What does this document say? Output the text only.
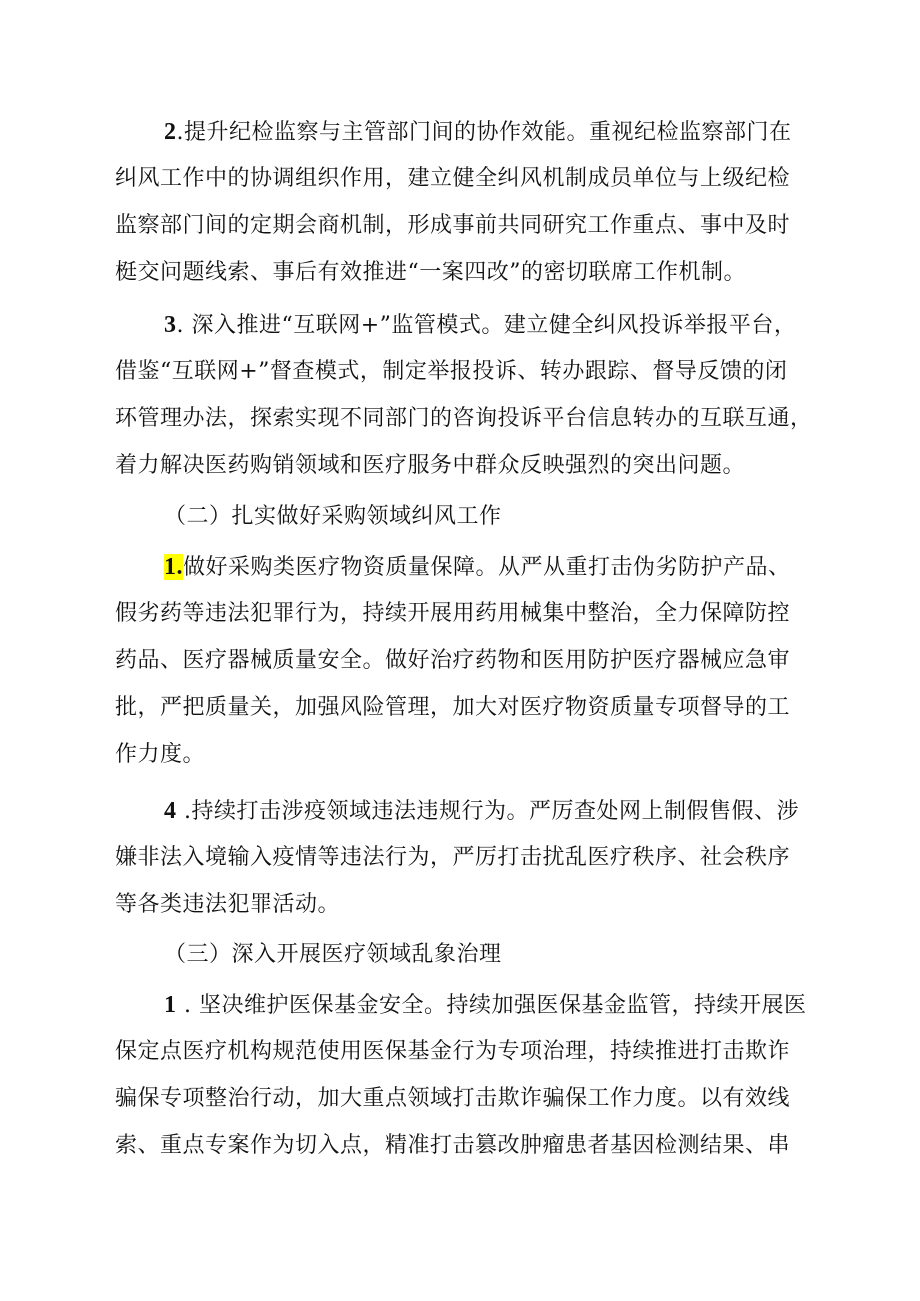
2.提升纪检监察与主管部门间的协作效能。重视纪检监察部门在
纠风工作中的协调组织作用，建立健全纠风机制成员单位与上级纪检
监察部门间的定期会商机制，形成事前共同研究工作重点、事中及时
梃交问题线索、事后有效推进“一案四改”的密切联席工作机制。
3. 深入推进“互联网+”监管模式。建立健全纠风投诉举报平台，
借鉴“互联网+”督查模式，制定举报投诉、转办跟踪、督导反馈的闭
环管理办法，探索实现不同部门的咨询投诉平台信息转办的互联互通，
着力解决医药购销领域和医疗服务中群众反映强烈的突出问题。
（二）扎实做好采购领域纠风工作
1.做好采购类医疗物资质量保障。从严从重打击伪劣防护产品、
假劣药等违法犯罪行为，持续开展用药用械集中整治，全力保障防控
药品、医疗器械质量安全。做好治疗药物和医用防护医疗器械应急审
批，严把质量关，加强风险管理，加大对医疗物资质量专项督导的工
作力度。
4 .持续打击涉疫领域违法违规行为。严厉查处网上制假售假、涉
嫌非法入境输入疫情等违法行为，严厉打击扰乱医疗秩序、社会秩序
等各类违法犯罪活动。
（三）深入开展医疗领域乱象治理
1 . 坚决维护医保基金安全。持续加强医保基金监管，持续开展医
保定点医疗机构规范使用医保基金行为专项治理，持续推进打击欺诈
骗保专项整治行动，加大重点领域打击欺诈骗保工作力度。以有效线
索、重点专案作为切入点，精准打击篡改肿瘤患者基因检测结果、串
